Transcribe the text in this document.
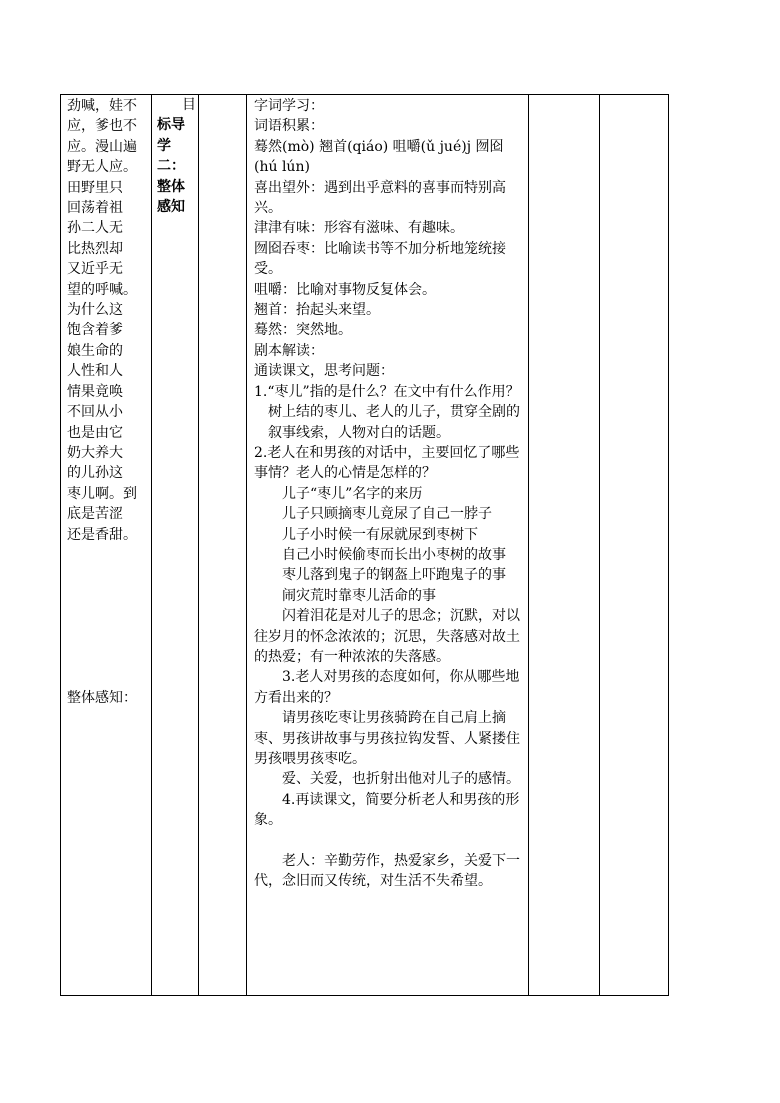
劲喊，娃不
应，爹也不
应。漫山遍
野无人应。
田野里只
回荡着祖
孙二人无
比热烈却
又近乎无
望的呼喊。
为什么这
饱含着爹
娘生命的
人性和人
情果竟唤
不回从小
也是由它
奶大养大
的儿孙这
枣儿啊。到
底是苦涩
还是香甜。
整体感知：

目
标导
学
二：
整体
感知

字词学习：
词语积累：
蓦然(mò) 翘首(qiáo) 咀嚼(ǔ jué)j 囫囵(hú lún)
喜出望外：遇到出乎意料的喜事而特别高兴。
津津有味：形容有滋味、有趣味。
囫囵吞枣：比喻读书等不加分析地笼统接受。
咀嚼：比喻对事物反复体会。
翘首：抬起头来望。
蓦然：突然地。
剧本解读：
通读课文，思考问题：
1.“枣儿”指的是什么？在文中有什么作用？
树上结的枣儿、老人的儿子，贯穿全剧的叙事线索，人物对白的话题。
2.老人在和男孩的对话中，主要回忆了哪些　事情？老人的心情是怎样的？
儿子“枣儿”名字的来历
儿子只顾摘枣儿竟尿了自己一脖子
儿子小时候一有尿就尿到枣树下
自己小时候偷枣而长出小枣树的故事
枣儿落到鬼子的钢盔上吓跑鬼子的事
闹灾荒时靠枣儿活命的事
闪着泪花是对儿子的思念；沉默，对以往岁月的怀念浓浓的；沉思，失落感对故土的热爱；有一种浓浓的失落感。
3.老人对男孩的态度如何，你从哪些地方看出来的？
请男孩吃枣让男孩骑跨在自己肩上摘枣、男孩讲故事与男孩拉钩发誓、人紧搂住男孩喂男孩枣吃。
爱、关爱，也折射出他对儿子的感情。
4.再读课文，简要分析老人和男孩的形象。
老人：辛勤劳作，热爱家乡，关爱下一代，念旧而又传统，对生活不失希望。
